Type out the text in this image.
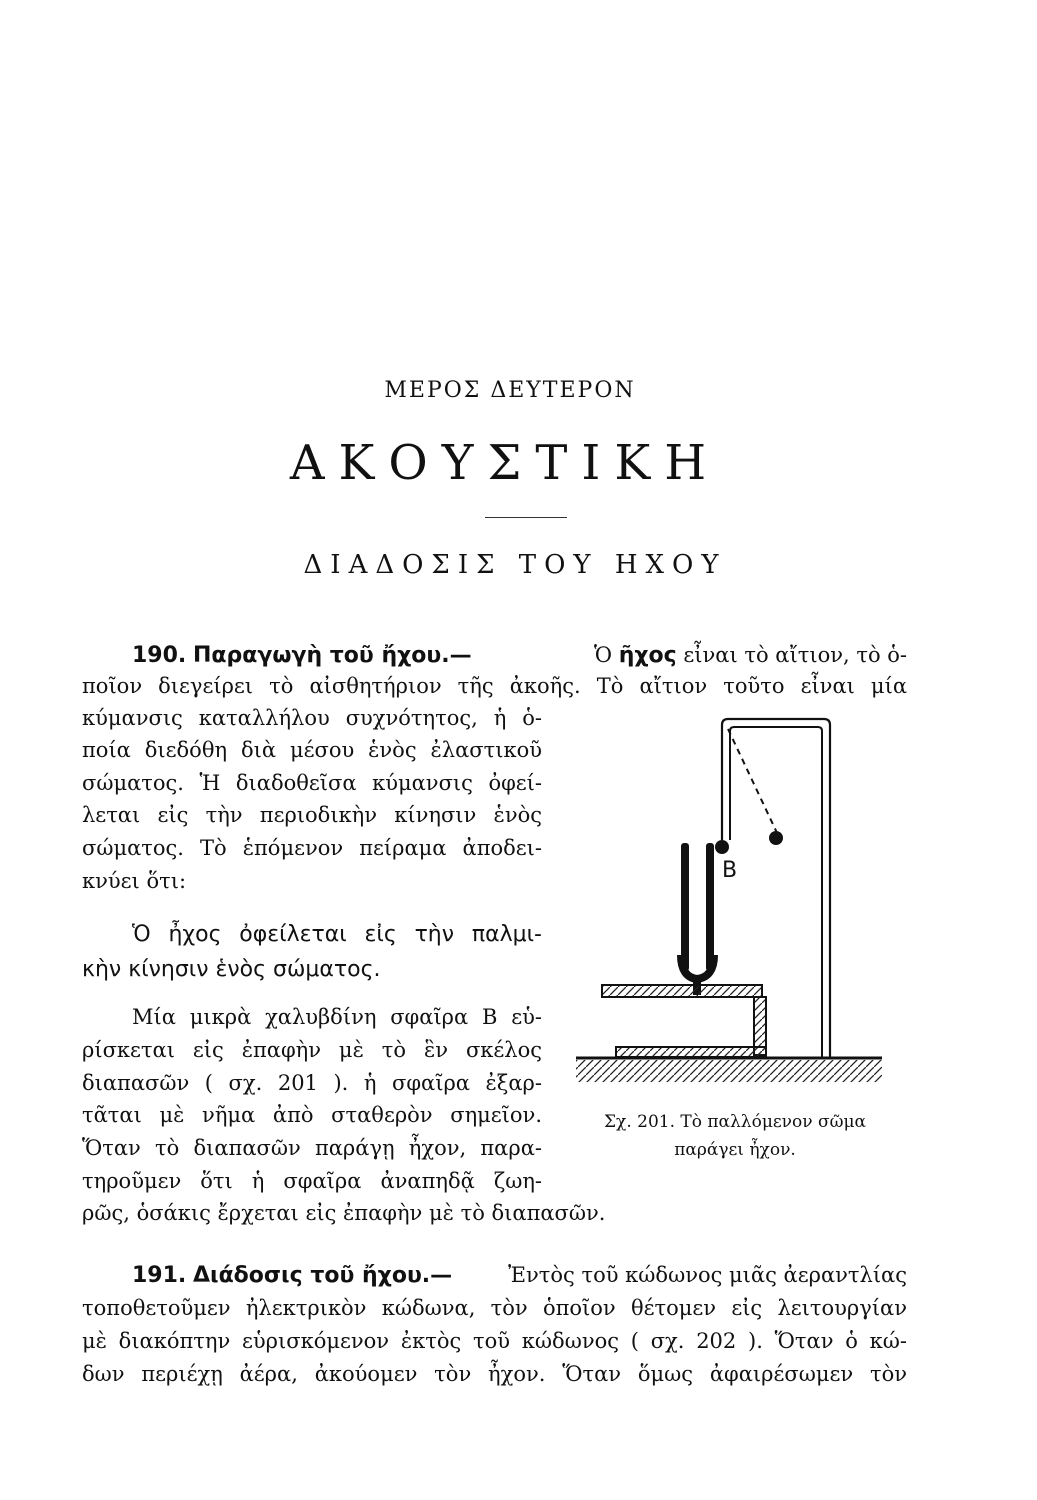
ΜΕΡΟΣ ΔΕΥΤΕΡΟΝ
ΑΚΟΥΣΤΙΚΗ
ΔΙΑΔΟΣΙΣ ΤΟΥ ΗΧΟΥ
190. Παραγωγὴ τοῦ ἤχου.—	Ὁ ῆχος εἶναι τὸ αἴτιον, τὸ ὁ-
ποῖον διεγείρει τὸ αἰσθητήριον τῆς ἀκοῆς. Τὸ αἴτιον τοῦτο εἶναι μία
κύμανσις καταλλήλου συχνότητος, ἡ ὁ-
ποία διεδόθη διὰ μέσου ἑνὸς ἐλαστικοῦ
σώματος. Ἡ διαδοθεῖσα κύμανσις ὀφεί-
λεται εἰς τὴν περιοδικὴν κίνησιν ἑνὸς
σώματος. Τὸ ἑπόμενον πείραμα ἀποδει-
κνύει ὅτι:
Ὁ ἦχος ὀφείλεται εἰς τὴν παλμι-
κὴν κίνησιν ἑνὸς σώματος.
Μία μικρὰ χαλυβδίνη σφαῖρα Β εὑ-
ρίσκεται εἰς ἐπαφὴν μὲ τὸ ἓν σκέλος
διαπασῶν ( σχ. 201 ). ἡ σφαῖρα ἐξαρ-
τᾶται μὲ νῆμα ἀπὸ σταθερὸν σημεῖον.
Ὅταν τὸ διαπασῶν παράγῃ ἦχον, παρα-
τηροῦμεν ὅτι ἡ σφαῖρα ἀναπηδᾷ ζωη-
ρῶς, ὁσάκις ἔρχεται εἰς ἐπαφὴν μὲ τὸ διαπασῶν.
B
Σχ. 201. Τὸ παλλόμενον σῶμα
παράγει ἦχον.
191. Διάδοσις τοῦ ἤχου.—	Ἐντὸς τοῦ κώδωνος μιᾶς ἀεραντλίας
τοποθετοῦμεν ἠλεκτρικὸν κώδωνα, τὸν ὁποῖον θέτομεν εἰς λειτουργίαν
μὲ διακόπτην εὑρισκόμενον ἐκτὸς τοῦ κώδωνος ( σχ. 202 ). Ὅταν ὁ κώ-
δων περιέχῃ ἀέρα, ἀκούομεν τὸν ἦχον. Ὅταν ὅμως ἀφαιρέσωμεν τὸν
